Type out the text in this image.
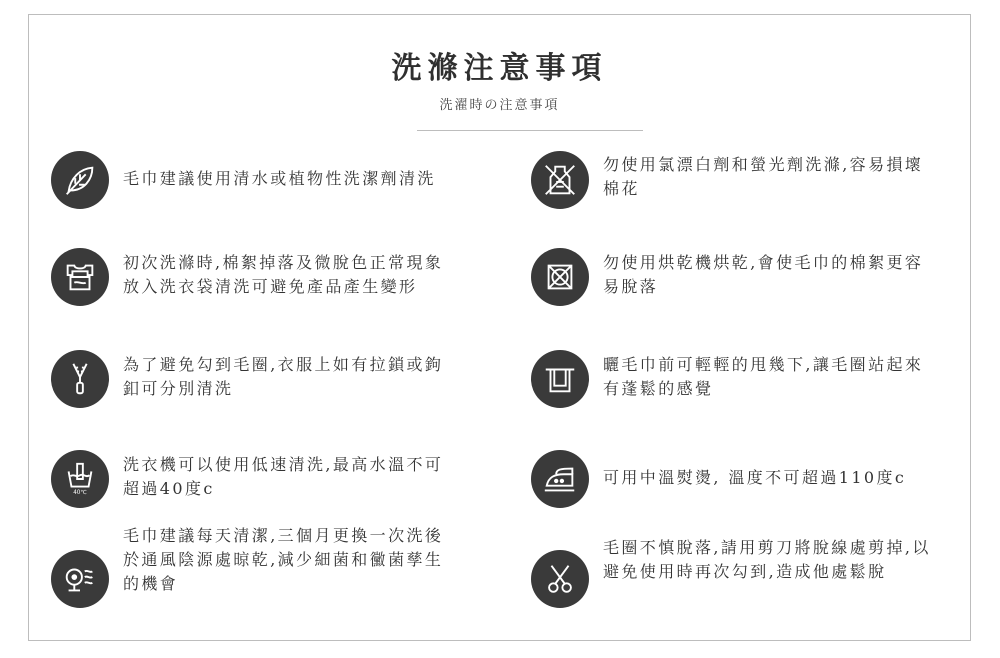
洗滌注意事項
洗濯時の注意事項
毛巾建議使用清水或植物性洗潔劑清洗
勿使用氯漂白劑和螢光劑洗滌,容易損壞棉花
初次洗滌時,棉絮掉落及微脫色正常現象放入洗衣袋清洗可避免產品產生變形
勿使用烘乾機烘乾,會使毛巾的棉絮更容易脫落
為了避免勾到毛圈,衣服上如有拉鎖或鉤釦可分別清洗
曬毛巾前可輕輕的甩幾下,讓毛圈站起來有蓬鬆的感覺
40℃
洗衣機可以使用低速清洗,最高水溫不可超過40度c
可用中溫熨燙, 溫度不可超過110度c
毛巾建議每天清潔,三個月更換一次洗後於通風陰源處晾乾,減少細菌和黴菌孳生的機會
毛圈不慎脫落,請用剪刀將脫線處剪掉,以避免使用時再次勾到,造成他處鬆脫
